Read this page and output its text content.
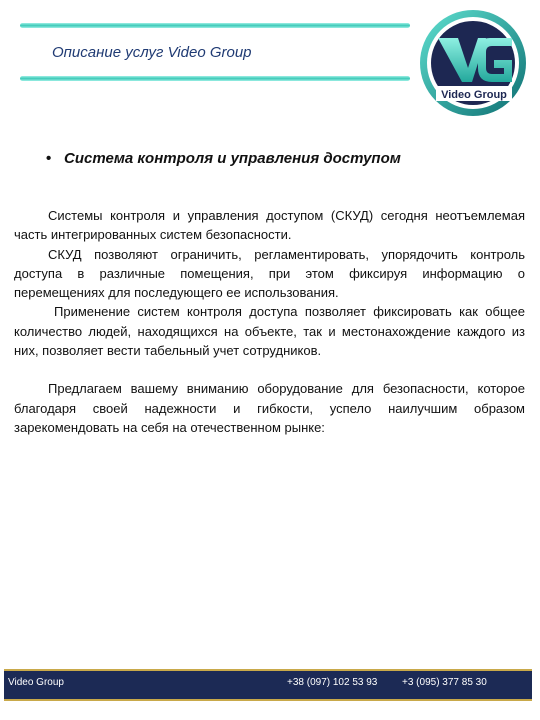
Описание услуг Video Group
Video Group
• Система контроля и управления доступом

Системы контроля и управления доступом (СКУД) сегодня неотъемлемая часть интегрированных систем безопасности.

СКУД позволяют ограничить, регламентировать, упорядочить контроль доступа в различные помещения, при этом фиксируя информацию о перемещениях для последующего ее использования.

Применение систем контроля доступа позволяет фиксировать как общее количество людей, находящихся на объекте, так и местонахождение каждого из них, позволяет вести табельный учет сотрудников.

Предлагаем вашему вниманию оборудование для безопасности, которое благодаря своей надежности и гибкости, успело наилучшим образом зарекомендовать на себя на отечественном рынке:

Video Group	+38 (097) 102 53 93 +3 (095) 377 85 30
